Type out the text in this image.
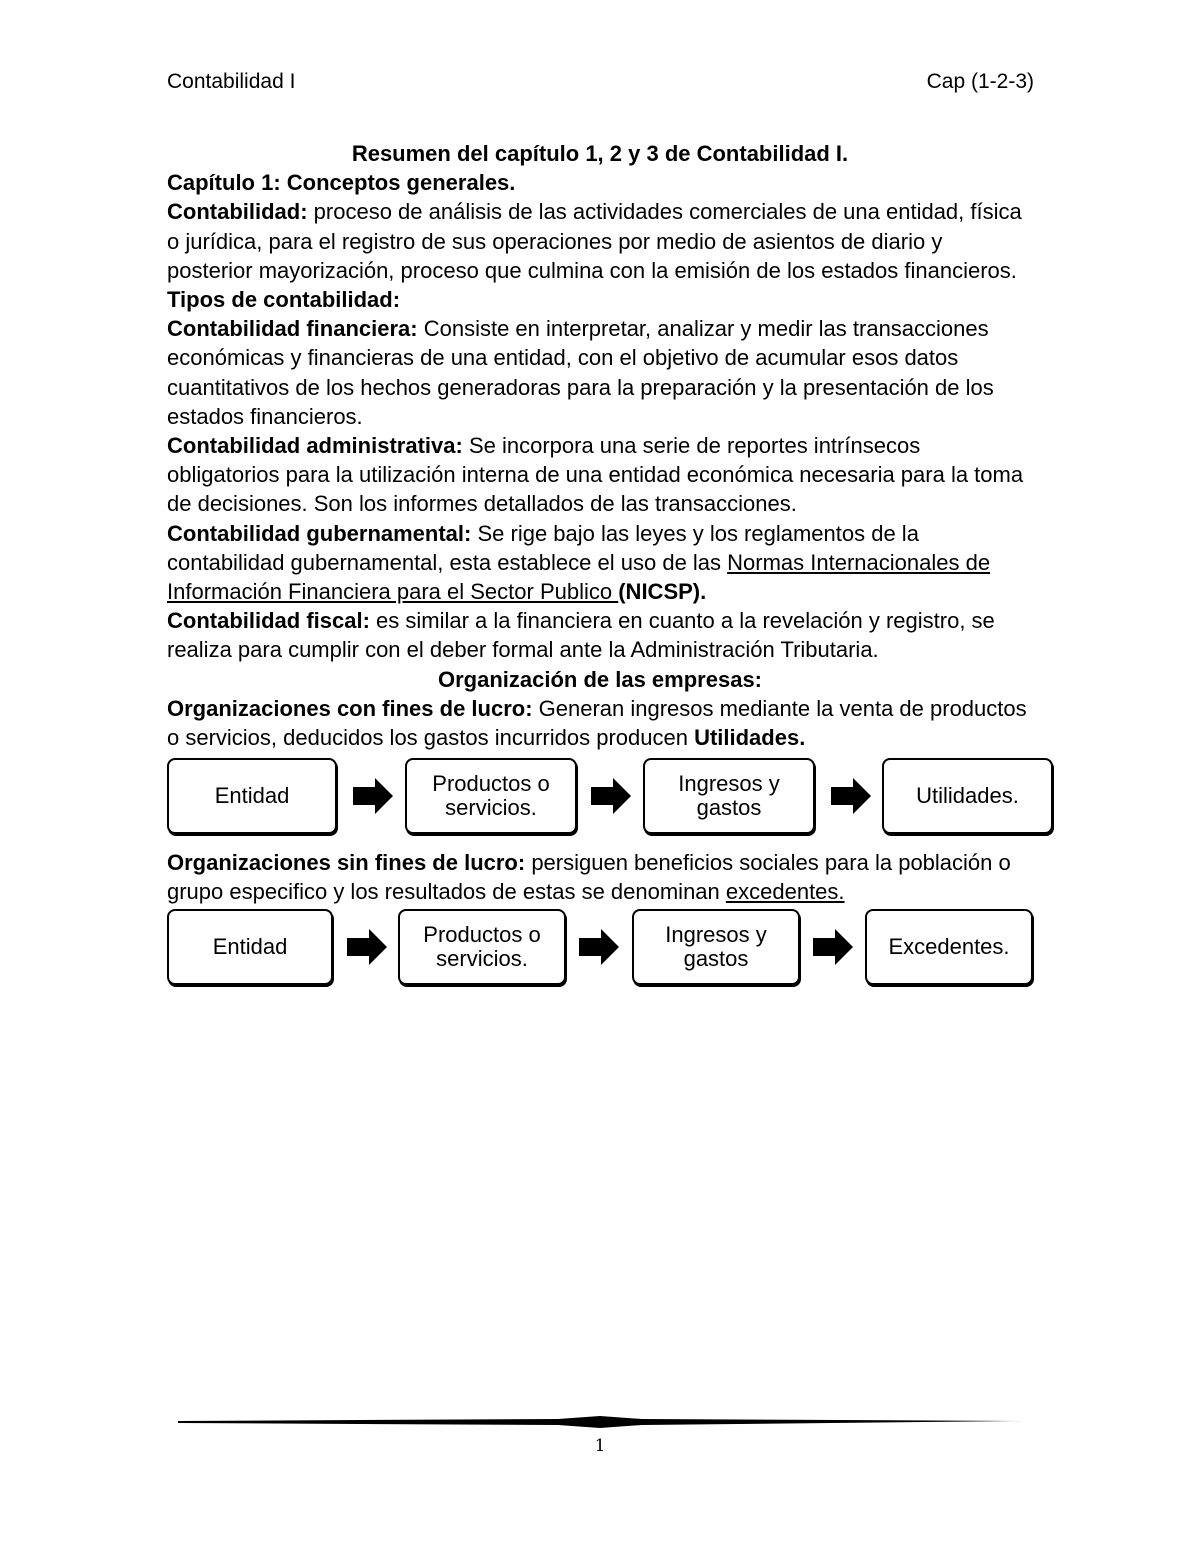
Contabilidad I	Cap (1-2-3)

Resumen del capítulo 1, 2 y 3 de Contabilidad I.

Capítulo 1: Conceptos generales.

Contabilidad: proceso de análisis de las actividades comerciales de una entidad, física o jurídica, para el registro de sus operaciones por medio de asientos de diario y posterior mayorización, proceso que culmina con la emisión de los estados financieros.

Tipos de contabilidad:

Contabilidad financiera: Consiste en interpretar, analizar y medir las transacciones económicas y financieras de una entidad, con el objetivo de acumular esos datos cuantitativos de los hechos generadoras para la preparación y la presentación de los estados financieros.

Contabilidad administrativa: Se incorpora una serie de reportes intrínsecos obligatorios para la utilización interna de una entidad económica necesaria para la toma de decisiones. Son los informes detallados de las transacciones.

Contabilidad gubernamental: Se rige bajo las leyes y los reglamentos de la contabilidad gubernamental, esta establece el uso de las Normas Internacionales de Información Financiera para el Sector Publico (NICSP).

Contabilidad fiscal: es similar a la financiera en cuanto a la revelación y registro, se realiza para cumplir con el deber formal ante la Administración Tributaria.

Organización de las empresas:

Organizaciones con fines de lucro: Generan ingresos mediante la venta de productos o servicios, deducidos los gastos incurridos producen Utilidades.

Entidad	Productos o servicios.
Ingresos y gastos	Utilidades.

Organizaciones sin fines de lucro: persiguen beneficios sociales para la población o grupo especifico y los resultados de estas se denominan excedentes.

Entidad	Productos o servicios.
Ingresos y gastos	Excedentes.
1
